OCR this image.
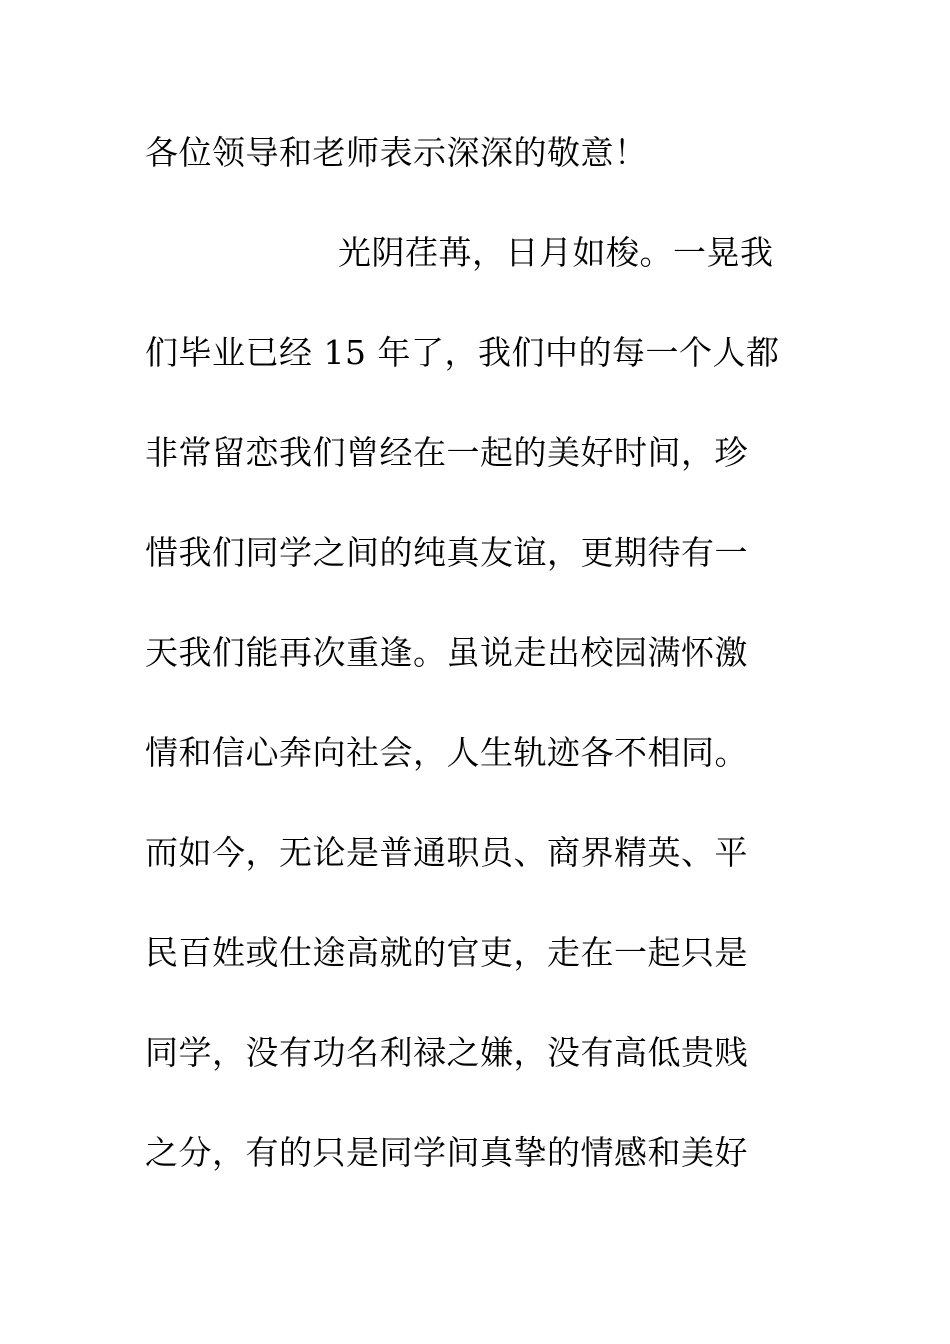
各位领导和老师表示深深的敬意！
光阴荏苒，日月如梭。一晃我
们毕业已经 15 年了，我们中的每一个人都
非常留恋我们曾经在一起的美好时间，珍
惜我们同学之间的纯真友谊，更期待有一
天我们能再次重逢。虽说走出校园满怀激
情和信心奔向社会，人生轨迹各不相同。
而如今，无论是普通职员、商界精英、平
民百姓或仕途高就的官吏，走在一起只是
同学，没有功名利禄之嫌，没有高低贵贱
之分，有的只是同学间真挚的情感和美好
